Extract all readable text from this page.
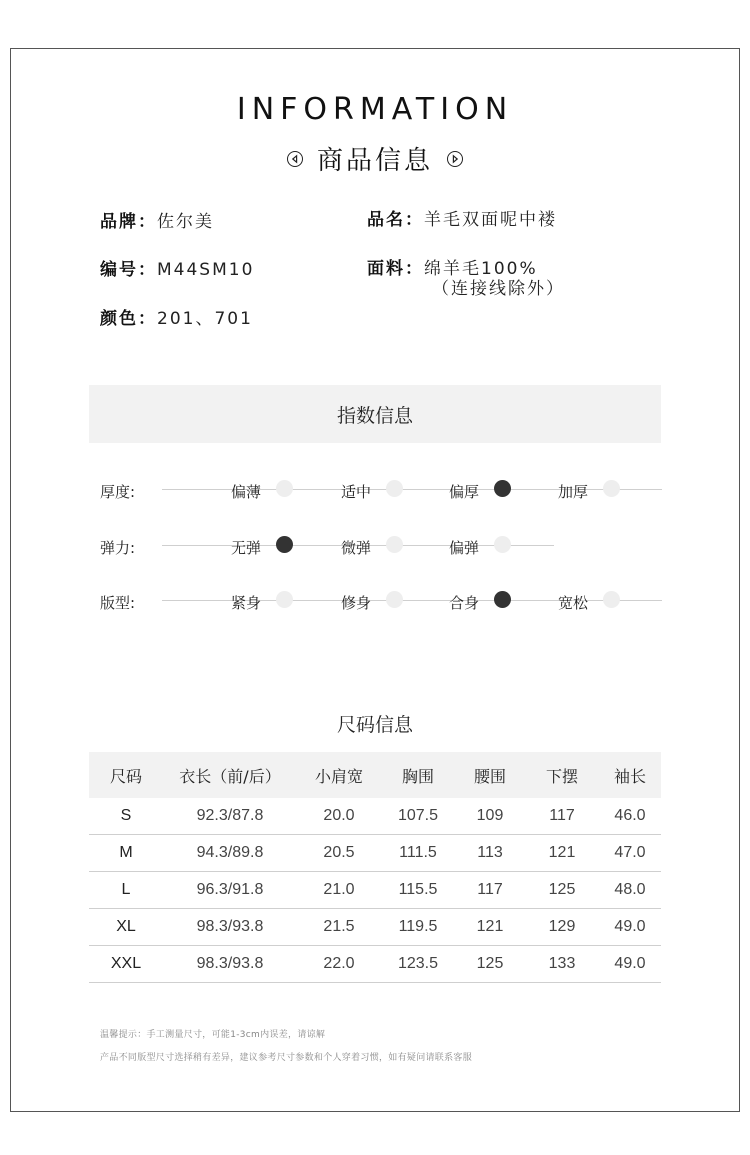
INFORMATION
商品信息
品牌：佐尔美	品名：羊毛双面呢中褛
编号：M44SM10	面料：绵羊毛100%
（连接线除外）
颜色：201、701
指数信息
厚度:	偏薄	适中	偏厚	加厚
弹力:	无弹	微弹	偏弹
版型:	紧身	修身	合身	宽松
尺码信息
尺码	衣长（前/后）	小肩宽	胸围	腰围	下摆	袖长
S	92.3/87.8	20.0	107.5	109	117	46.0
M	94.3/89.8	20.5	111.5	113	121	47.0
L	96.3/91.8	21.0	115.5	117	125	48.0
XL	98.3/93.8	21.5	119.5	121	129	49.0
XXL	98.3/93.8	22.0	123.5	125	133	49.0
温馨提示：手工测量尺寸，可能1-3cm内误差，请谅解
产品不同版型尺寸选择稍有差异，建议参考尺寸参数和个人穿着习惯，如有疑问请联系客服
